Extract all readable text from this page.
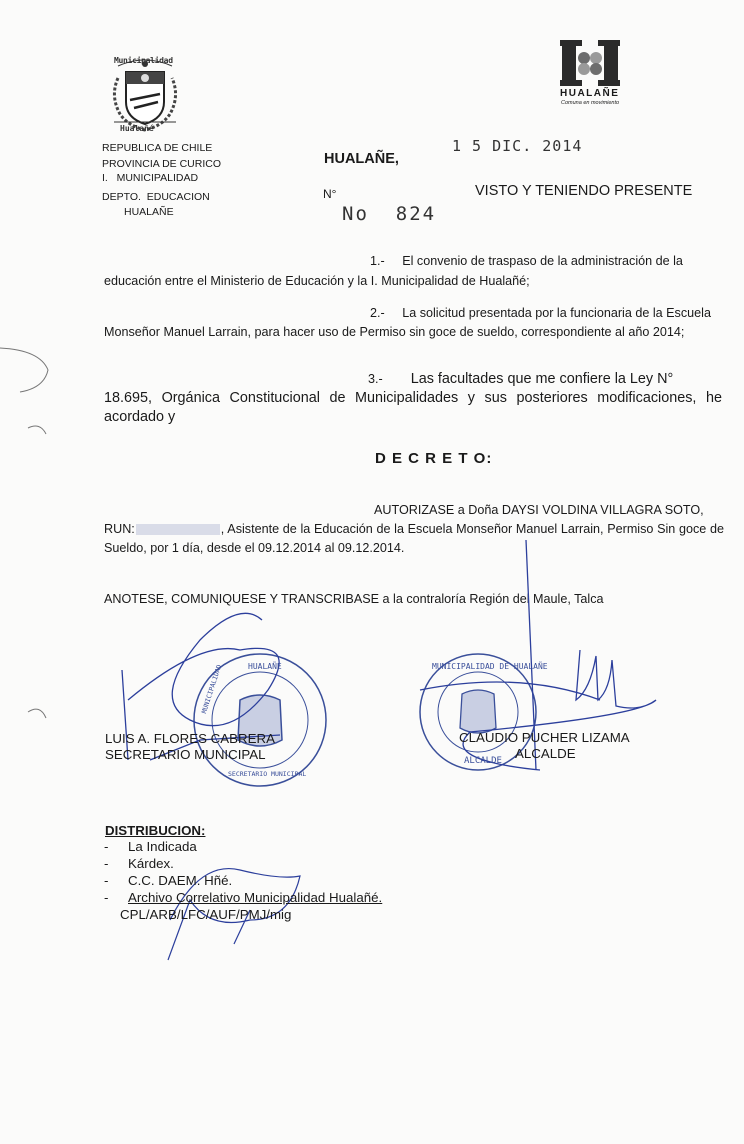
Municipalidad
Hualañé
REPUBLICA DE CHILE
PROVINCIA DE CURICO
I.   MUNICIPALIDAD
DEPTO.  EDUCACION
HUALAÑE
HUALAÑE
Comuna en movimiento
HUALAÑE,
1 5 DIC. 2014
N°
No  824
VISTO Y TENIENDO PRESENTE
1.- El convenio de traspaso de la administración de la
educación entre el Ministerio de Educación y la I. Municipalidad de Hualañé;
2.- La solicitud presentada por la funcionaria de la Escuela
Monseñor Manuel Larrain, para hacer uso de Permiso sin goce de sueldo, correspondiente al año 2014;
3.- Las facultades que me confiere la Ley N°
18.695, Orgánica Constitucional de Municipalidades y sus posteriores modificaciones, he acordado y
D E C R E T O:
AUTORIZASE a Doña DAYSI VOLDINA VILLAGRA SOTO,
RUN:	, Asistente de la Educación de la Escuela Monseñor Manuel Larrain, Permiso Sin goce de Sueldo, por 1 día, desde el 09.12.2014 al 09.12.2014.
ANOTESE, COMUNIQUESE Y TRANSCRIBASE a la contraloría Región del Maule, Talca
HUALAÑE
SECRETARIO MUNICIPAL
MUNICIPALIDAD	MUNICIPALIDAD DE HUALAÑE
ALCALDE
LUIS A. FLORES CABRERA
SECRETARIO MUNICIPAL
CLAUDIO PUCHER LIZAMA
ALCALDE
DISTRIBUCION:
- La Indicada
- Kárdex.
- C.C. DAEM. Hñé.
- Archivo Correlativo Municipalidad Hualañé.
CPL/ARB/LFC/AUF/PMJ/mig
